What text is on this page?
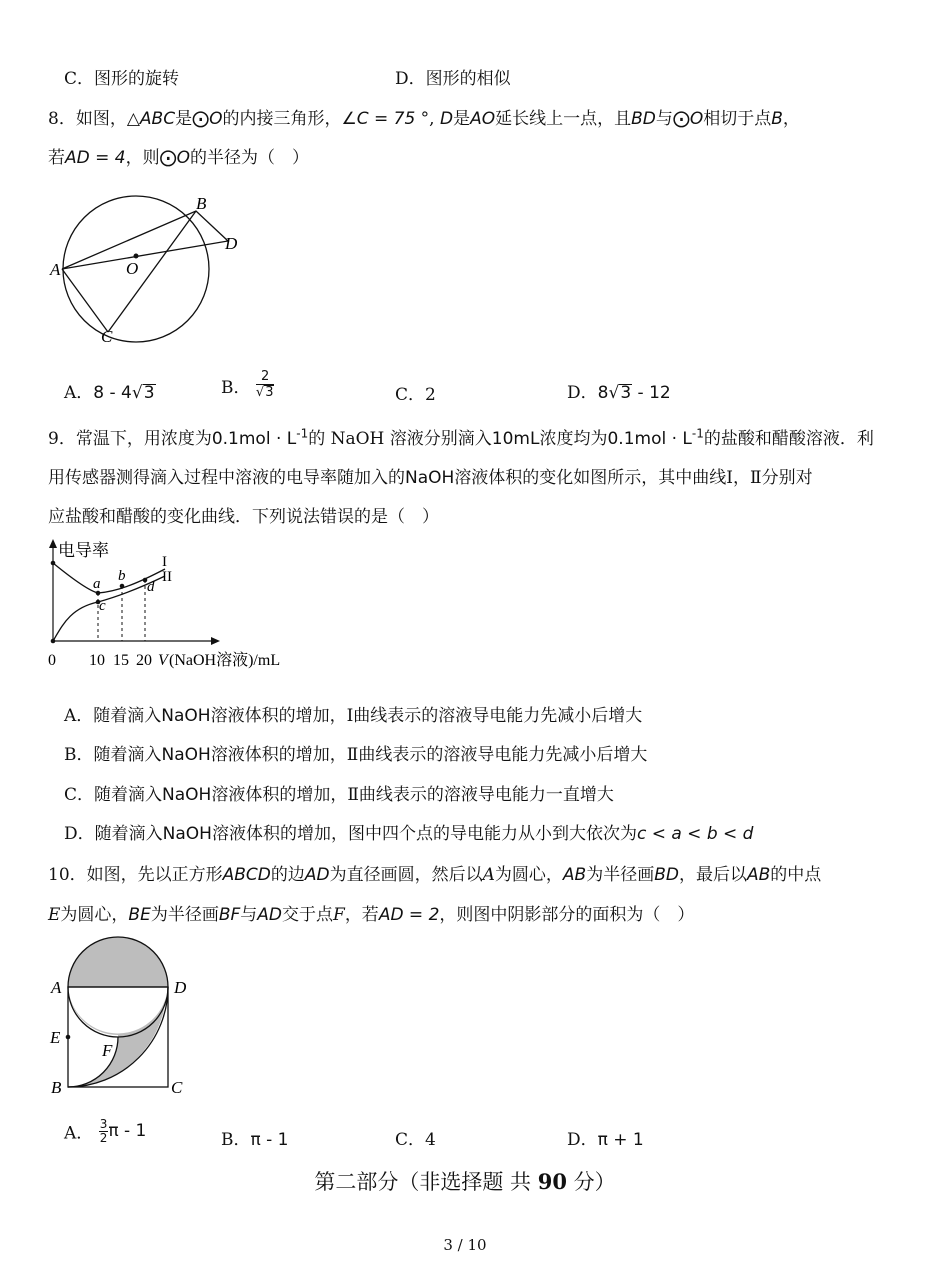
C．图形的旋转	D．图形的相似
8．如图，△ABC是⨀O的内接三角形，∠C = 75 °, D是AO延长线上一点，且BD与⨀O相切于点B，
若AD = 4，则⨀O的半径为（　）
A
B
C
D
O
A．8 - 4√3	B． $\frac{2}{√3}$	C．2	D．8√3 - 12
9．常温下，用浓度为$0.1mol \cdot L^{-1}$的 NaOH 溶液分别滴入10mL浓度均为$0.1mol \cdot L^{-1}$的盐酸和醋酸溶液．利
用传感器测得滴入过程中溶液的电导率随加入的NaOH溶液体积的变化如图所示，其中曲线Ⅰ，Ⅱ分别对
应盐酸和醋酸的变化曲线．下列说法错误的是（　）
电导率
I
II
a b
c
d
0 10 15 20 V (NaOH溶液)/mL
A．随着滴入NaOH溶液体积的增加，Ⅰ曲线表示的溶液导电能力先减小后增大
B．随着滴入NaOH溶液体积的增加，Ⅱ曲线表示的溶液导电能力先减小后增大
C．随着滴入NaOH溶液体积的增加，Ⅱ曲线表示的溶液导电能力一直增大
D．随着滴入NaOH溶液体积的增加，图中四个点的导电能力从小到大依次为c < a < b < d
10．如图，先以正方形ABCD的边AD为直径画圆，然后以A为圆心，AB为半径画BD，最后以AB的中点
E为圆心，BE为半径画BF与AD交于点F，若AD = 2，则图中阴影部分的面积为（　）
A	D
E
F
B	C
A． $\frac{3}{2}$ π - 1	B．π - 1	C．4	D．π + 1
第二部分（非选择题 共 90 分）
3 / 10
